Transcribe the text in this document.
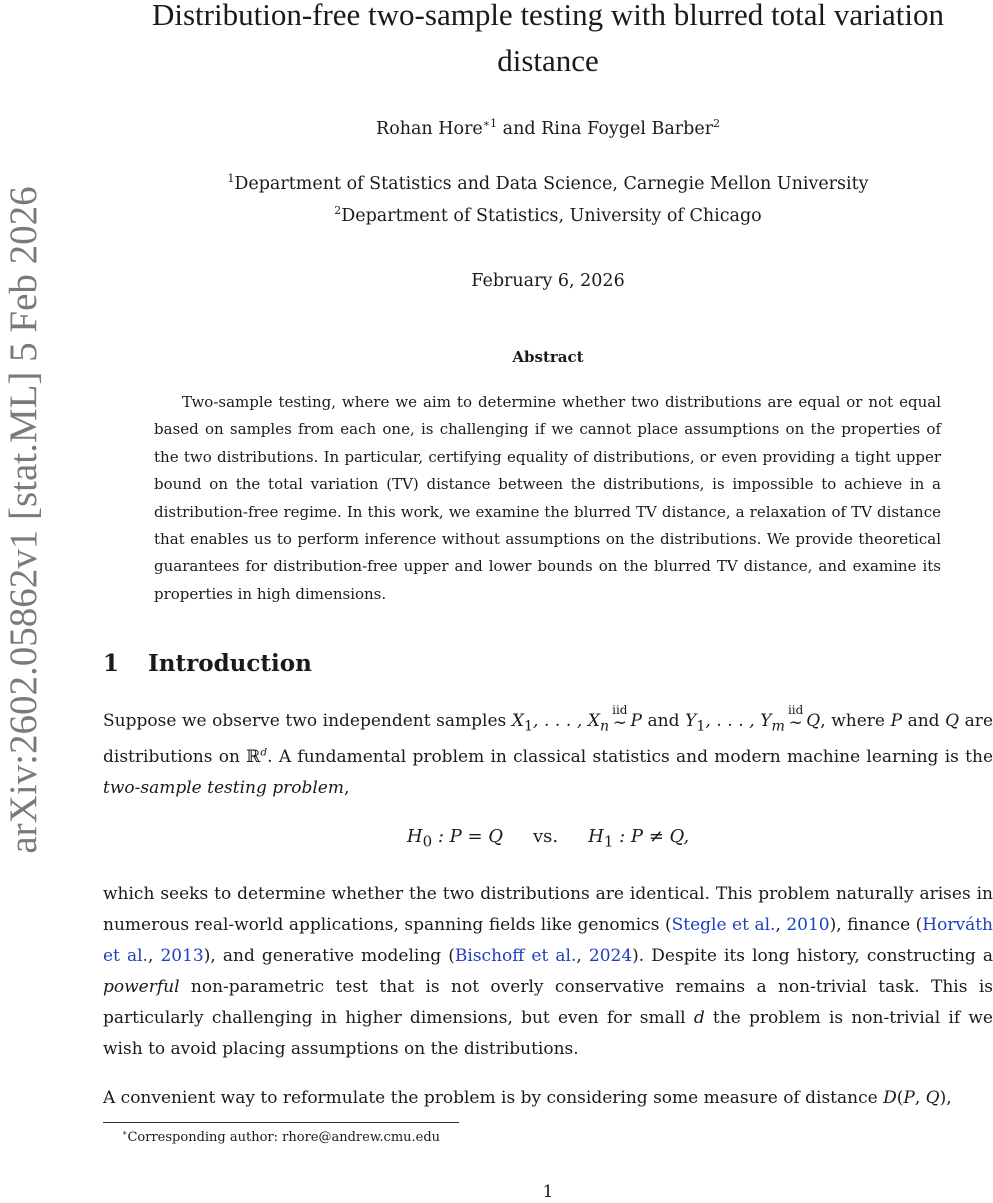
arXiv:2602.05862v1 [stat.ML] 5 Feb 2026
Distribution-free two-sample testing with blurred total variation distance
Rohan Hore$^{∗1}$ and Rina Foygel Barber$^2$
$^1$Department of Statistics and Data Science, Carnegie Mellon University
$^2$Department of Statistics, University of Chicago
February 6, 2026
Abstract

Two-sample testing, where we aim to determine whether two distributions are equal or not equal based on samples from each one, is challenging if we cannot place assumptions on the properties of the two distributions. In particular, certifying equality of distributions, or even providing a tight upper bound on the total variation (TV) distance between the distributions, is impossible to achieve in a distribution-free regime. In this work, we examine the blurred TV distance, a relaxation of TV distance that enables us to perform inference without assumptions on the distributions. We provide theoretical guarantees for distribution-free upper and lower bounds on the blurred TV distance, and examine its properties in high dimensions.

1 Introduction

Suppose we observe two independent samples $X_1$, . . . , $X_n$
iid
∼ P and $Y_1$, . . . , $Y_m$
iid
∼ Q, where P and Q are distributions on ℝ$^d$. A fundamental problem in classical statistics and modern machine learning is the two-sample testing problem,

$H_0$ : P = Q vs. $H_1$ : P ≠ Q,

which seeks to determine whether the two distributions are identical. This problem naturally arises in numerous real-world applications, spanning fields like genomics (Stegle et al., 2010), finance (Horváth et al., 2013), and generative modeling (Bischoff et al., 2024). Despite its long history, constructing a powerful non-parametric test that is not overly conservative remains a non-trivial task. This is particularly challenging in higher dimensions, but even for small d the problem is non-trivial if we wish to avoid placing assumptions on the distributions.

A convenient way to reformulate the problem is by considering some measure of distance D(P, Q),

∗Corresponding author: rhore@andrew.cmu.edu
1
